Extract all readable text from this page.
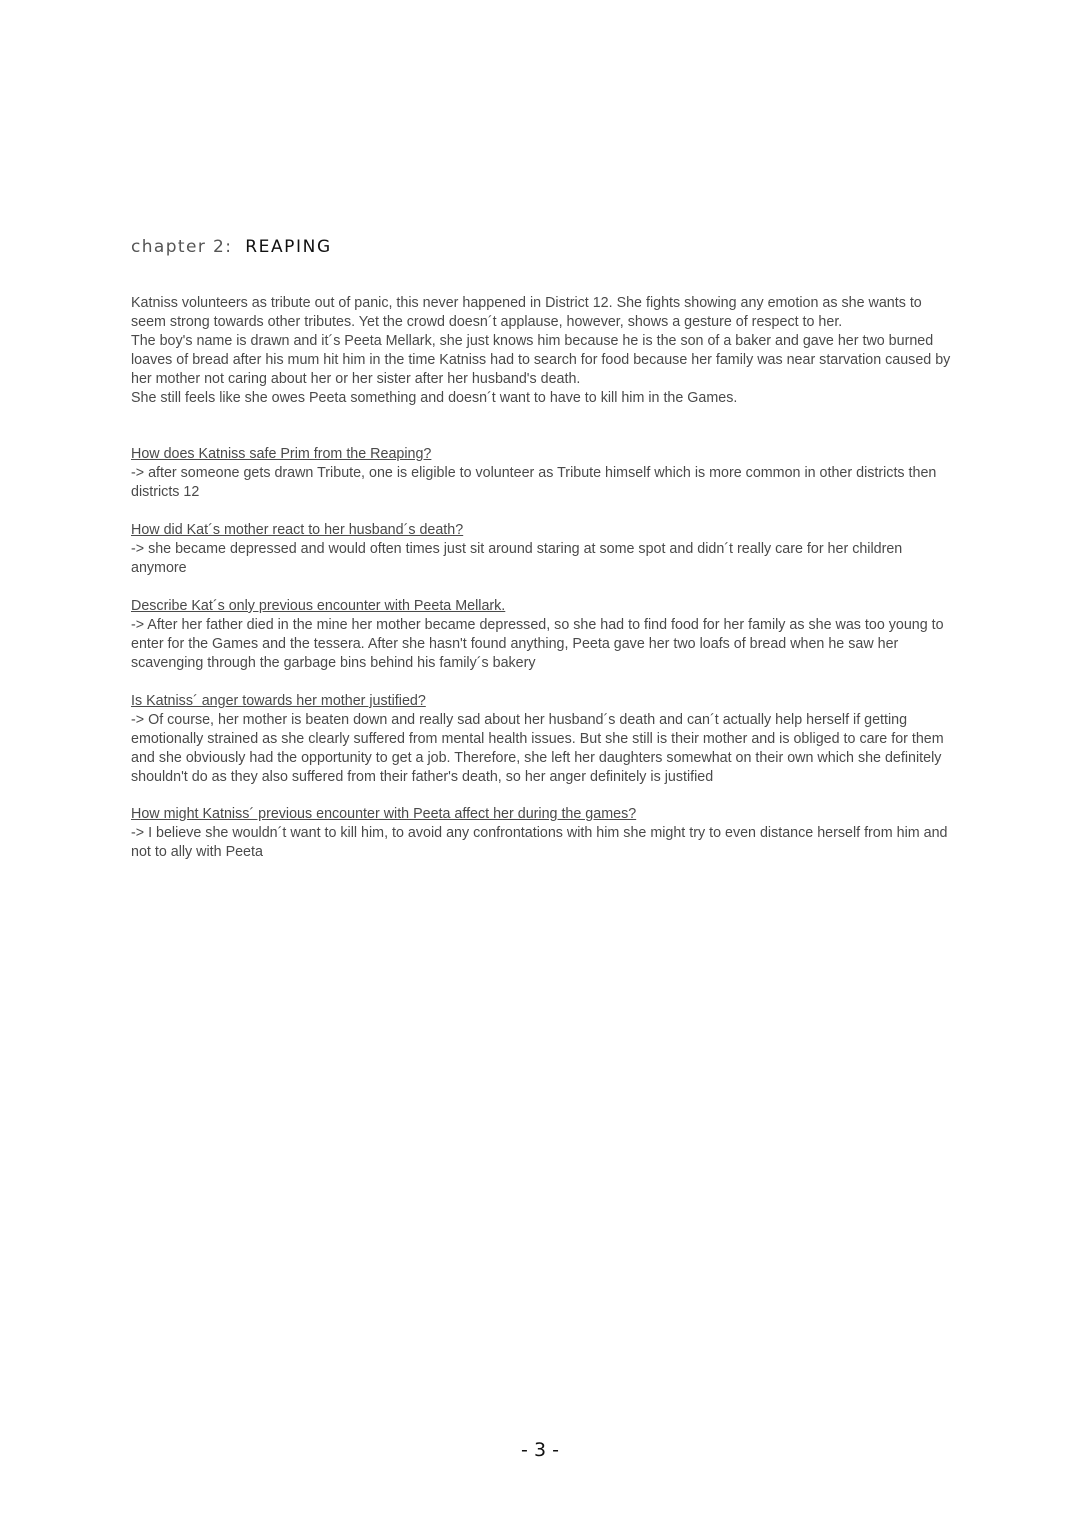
chapter 2: REAPING

Katniss volunteers as tribute out of panic, this never happened in District 12. She fights showing any emotion as she wants to seem strong towards other tributes. Yet the crowd doesn´t applause, however, shows a gesture of respect to her.

The boy's name is drawn and it´s Peeta Mellark, she just knows him because he is the son of a baker and gave her two burned loaves of bread after his mum hit him in the time Katniss had to search for food because her family was near starvation caused by her mother not caring about her or her sister after her husband's death.

She still feels like she owes Peeta something and doesn´t want to have to kill him in the Games.

How does Katniss safe Prim from the Reaping?

-> after someone gets drawn Tribute, one is eligible to volunteer as Tribute himself which is more common in other districts then districts 12

How did Kat´s mother react to her husband´s death?

-> she became depressed and would often times just sit around staring at some spot and didn´t really care for her children anymore

Describe Kat´s only previous encounter with Peeta Mellark.

-> After her father died in the mine her mother became depressed, so she had to find food for her family as she was too young to enter for the Games and the tessera. After she hasn't found anything, Peeta gave her two loafs of bread when he saw her scavenging through the garbage bins behind his family´s bakery

Is Katniss´ anger towards her mother justified?

-> Of course, her mother is beaten down and really sad about her husband´s death and can´t actually help herself if getting emotionally strained as she clearly suffered from mental health issues. But she still is their mother and is obliged to care for them and she obviously had the opportunity to get a job. Therefore, she left her daughters somewhat on their own which she definitely shouldn't do as they also suffered from their father's death, so her anger definitely is justified

How might Katniss´ previous encounter with Peeta affect her during the games?

-> I believe she wouldn´t want to kill him, to avoid any confrontations with him she might try to even distance herself from him and not to ally with Peeta

- 3 -
